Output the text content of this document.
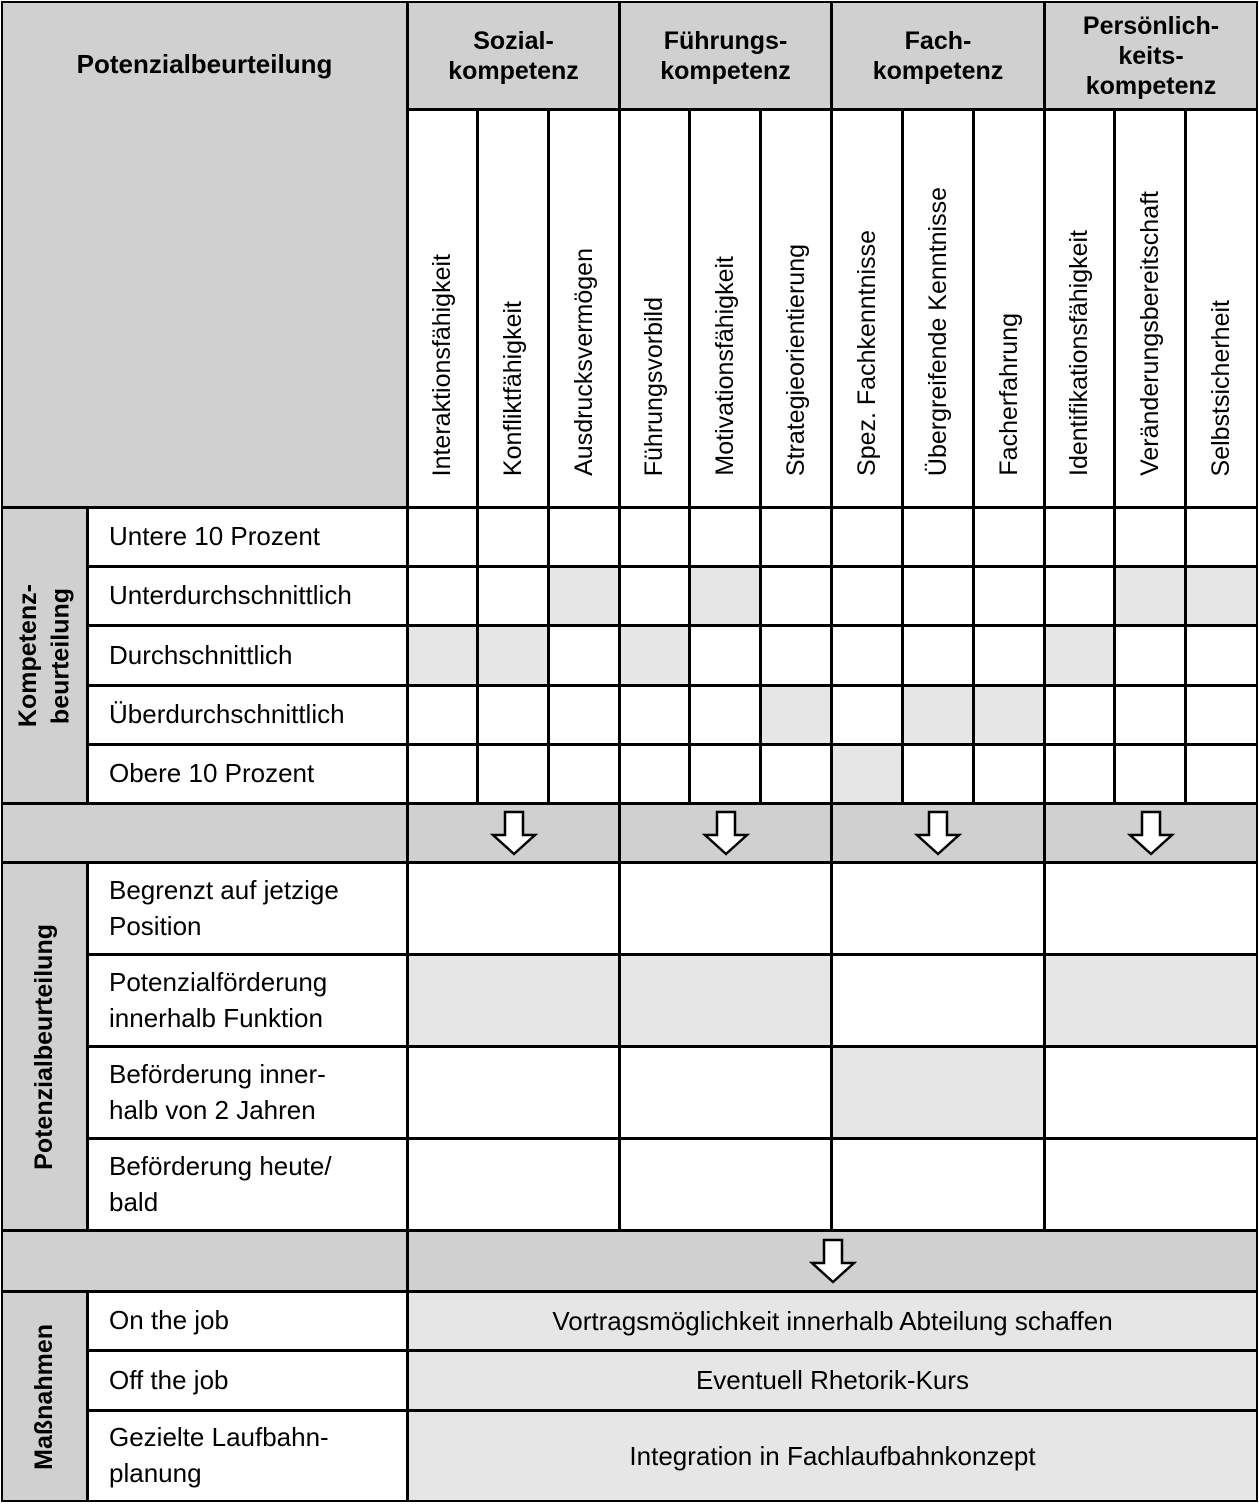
Potenzialbeurteilung
Sozial-
kompetenz
Führungs-
kompetenz
Fach-
kompetenz
Persönlich-
keits-
kompetenz
Interaktionsfähigkeit Konfliktfähigkeit Ausdrucksvermögen Führungsvorbild Motivationsfähigkeit Strategieorientierung Spez. Fachkenntnisse Übergreifende Kenntnisse Facherfahrung Identifikationsfähigkeit Veränderungsbereitschaft Selbstsicherheit
Kompetenz-
beurteilung
Untere 10 Prozent
Unterdurchschnittlich
Durchschnittlich
Überdurchschnittlich
Obere 10 Prozent
Potenzialbeurteilung
Begrenzt auf jetzige
Position
Potenzialförderung
innerhalb Funktion
Beförderung inner-
halb von 2 Jahren
Beförderung heute/
bald
Maßnahmen
On the job	Vortragsmöglichkeit innerhalb Abteilung schaffen
Off the job	Eventuell Rhetorik-Kurs
Gezielte Laufbahn-
planung
Integration in Fachlaufbahnkonzept
